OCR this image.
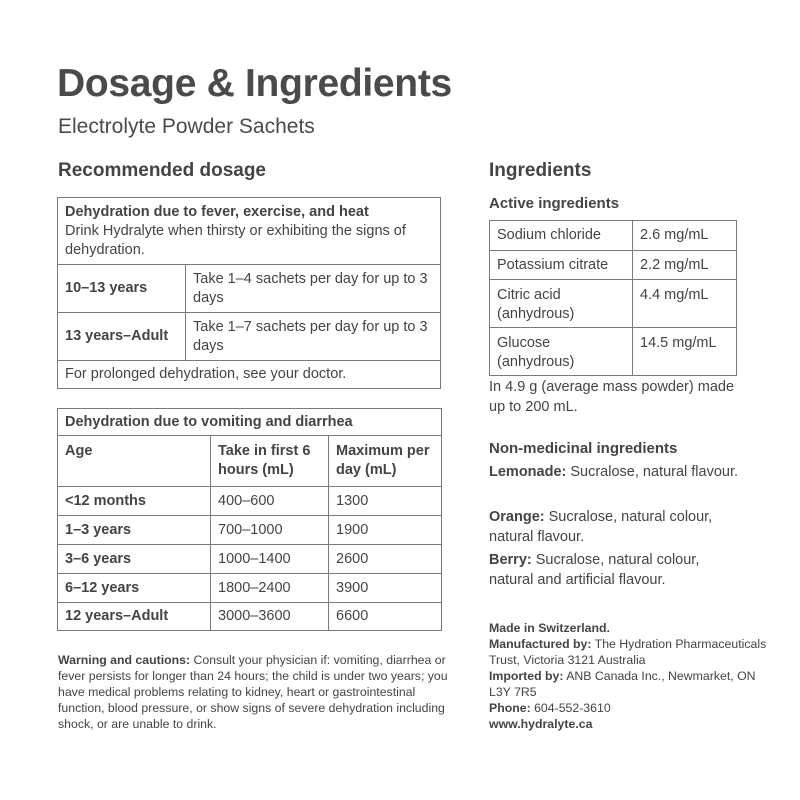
Dosage & Ingredients
Electrolyte Powder Sachets
Recommended dosage
Dehydration due to fever, exercise, and heat
Drink Hydralyte when thirsty or exhibiting the signs of dehydration.	

10–13 years	Take 1–4 sachets per day for up to 3 days
13 years–Adult	Take 1–7 sachets per day for up to 3 days
For prolonged dehydration, see your doctor.	
Dehydration due to vomiting and diarrhea		
Age	Take in first 6 hours (mL)	Maximum per day (mL)
<12 months	400–600	1300
1–3 years	700–1000	1900
3–6 years	1000–1400	2600
6–12 years	1800–2400	3900
12 years–Adult	3000–3600	6600
Warning and cautions: Consult your physician if: vomiting, diarrhea or fever persists for longer than 24 hours; the child is under two years; you have medical problems relating to kidney, heart or gastrointestinal function, blood pressure, or show signs of severe dehydration including shock, or are unable to drink.
Ingredients
Active ingredients
Sodium chloride	2.6 mg/mL
Potassium citrate	2.2 mg/mL
Citric acid (anhydrous)	4.4 mg/mL
Glucose (anhydrous)	14.5 mg/mL
In 4.9 g (average mass powder) made up to 200 mL.
Non-medicinal ingredients
Lemonade: Sucralose, natural flavour.
Orange: Sucralose, natural colour, natural flavour.
Berry: Sucralose, natural colour, natural and artificial flavour.
Made in Switzerland.
Manufactured by: The Hydration Pharmaceuticals Trust, Victoria 3121 Australia
Imported by: ANB Canada Inc., Newmarket, ON L3Y 7R5
Phone: 604-552-3610
www.hydralyte.ca
